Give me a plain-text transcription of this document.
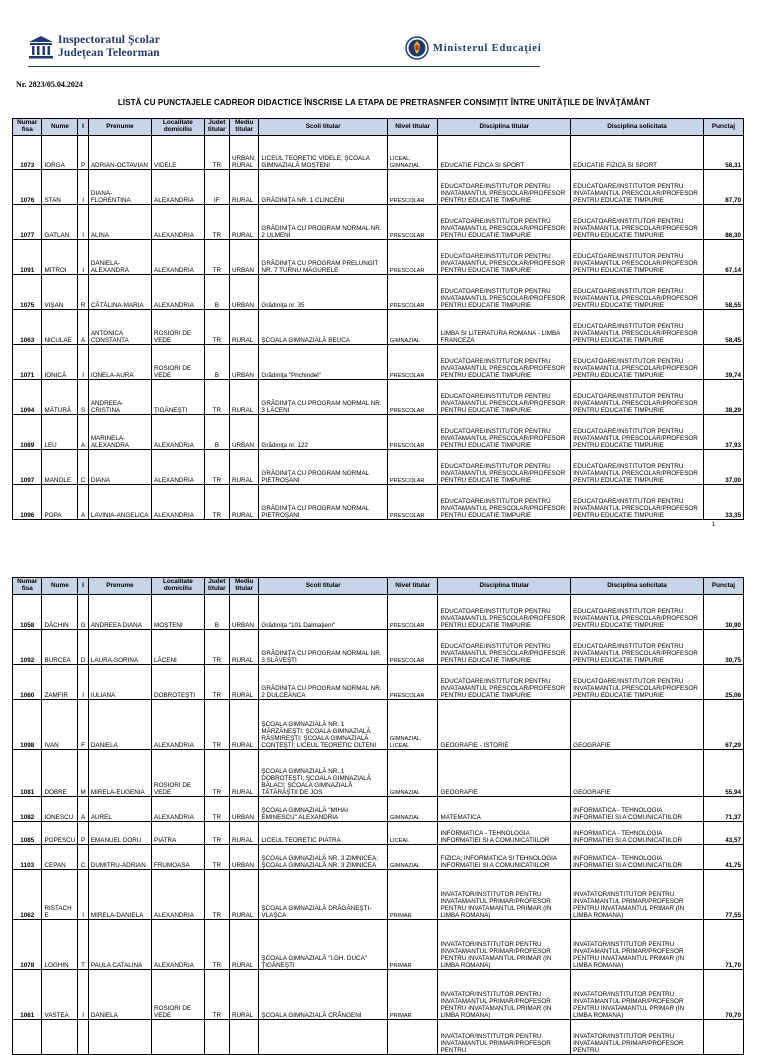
Inspectoratul Şcolar
Judeţean Teleorman	Ministerul Educaţiei
Nr. 2823/05.04.2024
LISTĂ CU PUNCTAJELE CADREOR DIDACTICE ÎNSCRISE LA ETAPA DE PRETRASNFER CONSIMŢIT ÎNTRE UNITĂŢILE DE ÎNVĂŢĂMÂNT
Numar fisa	Nume	I	Prenume	Localitate domiciliu	Judet titular	Mediu titular	Scoli titular	Nivel titular	Disciplina titular	Disciplina solicitata	Punctaj
1073	IORGA	P	ADRIAN-OCTAVIAN	VIDELE	TR	URBAN; RURAL	LICEUL TEORETIC VIDELE; ŞCOALA GIMNAZIALĂ MOŞTENI	LICEAL; GIMNAZIAL	EDUCATIE FIZICA SI SPORT	EDUCATIE FIZICA SI SPORT	58,31
1076	STAN	I	DIANA-FLORENTINA	ALEXANDRIA	IF	RURAL	GRĂDINIŢA NR. 1 CLINCENI	PRESCOLAR	EDUCATOARE/INSTITUTOR PENTRU INVATAMANTUL PRESCOLAR/PROFESOR PENTRU EDUCATIE TIMPURIE	EDUCATOARE/INSTITUTOR PENTRU INVATAMANTUL PRESCOLAR/PROFESOR PENTRU EDUCATIE TIMPURIE	87,70
1077	GATLAN	I	ALINA	ALEXANDRIA	TR	RURAL	GRĂDINIŢA CU PROGRAM NORMAL NR. 2 ULMENI	PRESCOLAR	EDUCATOARE/INSTITUTOR PENTRU INVATAMANTUL PRESCOLAR/PROFESOR PENTRU EDUCATIE TIMPURIE	EDUCATOARE/INSTITUTOR PENTRU INVATAMANTUL PRESCOLAR/PROFESOR PENTRU EDUCATIE TIMPURIE	86,30
1091	MITROI	I	DANIELA-ALEXANDRA	ALEXANDRIA	TR	URBAN	GRĂDINIŢA CU PROGRAM PRELUNGIT NR. 7 TURNU MĂGURELE	PRESCOLAR	EDUCATOARE/INSTITUTOR PENTRU INVATAMANTUL PRESCOLAR/PROFESOR PENTRU EDUCATIE TIMPURIE	EDUCATOARE/INSTITUTOR PENTRU INVATAMANTUL PRESCOLAR/PROFESOR PENTRU EDUCATIE TIMPURIE	67,14
1075	VIŞAN	R	CĂTĂLINA-MARIA	ALEXANDRIA	B	URBAN	Grădiniţa nr. 35	PRESCOLAR	EDUCATOARE/INSTITUTOR PENTRU INVATAMANTUL PRESCOLAR/PROFESOR PENTRU EDUCATIE TIMPURIE	EDUCATOARE/INSTITUTOR PENTRU INVATAMANTUL PRESCOLAR/PROFESOR PENTRU EDUCATIE TIMPURIE	58,55
1063	NICULAE	A	ANTONICA CONSTANTA	ROSIORI DE VEDE	TR	RURAL	ŞCOALA GIMNAZIALĂ BEUCA	GIMNAZIAL	LIMBA SI LITERATURA ROMANA - LIMBA FRANCEZA	EDUCATOARE/INSTITUTOR PENTRU INVATAMANTUL PRESCOLAR/PROFESOR PENTRU EDUCATIE TIMPURIE	58,45
1071	IONICĂ	I	IONELA-AURA	ROSIORI DE VEDE	B	URBAN	Grădiniţa "Prichindel"	PRESCOLAR	EDUCATOARE/INSTITUTOR PENTRU INVATAMANTUL PRESCOLAR/PROFESOR PENTRU EDUCATIE TIMPURIE	EDUCATOARE/INSTITUTOR PENTRU INVATAMANTUL PRESCOLAR/PROFESOR PENTRU EDUCATIE TIMPURIE	39,74
1094	MĂTURĂ	S	ANDREEA-CRISTINA	ŢIGĂNEŞTI	TR	RURAL	GRĂDINIŢA CU PROGRAM NORMAL NR. 3 LĂCENI	PRESCOLAR	EDUCATOARE/INSTITUTOR PENTRU INVATAMANTUL PRESCOLAR/PROFESOR PENTRU EDUCATIE TIMPURIE	EDUCATOARE/INSTITUTOR PENTRU INVATAMANTUL PRESCOLAR/PROFESOR PENTRU EDUCATIE TIMPURIE	38,29
1089	LEU	A	MARINELA-ALEXANDRA	ALEXANDRIA	B	URBAN	Grădiniţa nr. 122	PRESCOLAR	EDUCATOARE/INSTITUTOR PENTRU INVATAMANTUL PRESCOLAR/PROFESOR PENTRU EDUCATIE TIMPURIE	EDUCATOARE/INSTITUTOR PENTRU INVATAMANTUL PRESCOLAR/PROFESOR PENTRU EDUCATIE TIMPURIE	37,93
1097	MANOLE	C	DIANA	ALEXANDRIA	TR	RURAL	GRĂDINIŢA CU PROGRAM NORMAL PIETROŞANI	PRESCOLAR	EDUCATOARE/INSTITUTOR PENTRU INVATAMANTUL PRESCOLAR/PROFESOR PENTRU EDUCATIE TIMPURIE	EDUCATOARE/INSTITUTOR PENTRU INVATAMANTUL PRESCOLAR/PROFESOR PENTRU EDUCATIE TIMPURIE	37,00
1096	POPA	A	LAVINIA-ANGELICA	ALEXANDRIA	TR	RURAL	GRĂDINIŢA CU PROGRAM NORMAL PIETROŞANI	PRESCOLAR	EDUCATOARE/INSTITUTOR PENTRU INVATAMANTUL PRESCOLAR/PROFESOR PENTRU EDUCATIE TIMPURIE	EDUCATOARE/INSTITUTOR PENTRU INVATAMANTUL PRESCOLAR/PROFESOR PENTRU EDUCATIE TIMPURIE	33,35
1
Numar fisa	Nume	I	Prenume	Localitate domiciliu	Judet titular	Mediu titular	Scoli titular	Nivel titular	Disciplina titular	Disciplina solicitata	Punctaj
1058	DĂCHIN	G	ANDREEA DIANA	MOŞTENI	B	URBAN	Grădiniţa "101 Dalmaţieni"	PRESCOLAR	EDUCATOARE/INSTITUTOR PENTRU INVATAMANTUL PRESCOLAR/PROFESOR PENTRU EDUCATIE TIMPURIE	EDUCATOARE/INSTITUTOR PENTRU INVATAMANTUL PRESCOLAR/PROFESOR PENTRU EDUCATIE TIMPURIE	30,90
1092	BURCEA	D	LAURA-SORINA	LĂCENI	TR	RURAL	GRĂDINIŢA CU PROGRAM NORMAL NR. 3 SLĂVEŞTI	PRESCOLAR	EDUCATOARE/INSTITUTOR PENTRU INVATAMANTUL PRESCOLAR/PROFESOR PENTRU EDUCATIE TIMPURIE	EDUCATOARE/INSTITUTOR PENTRU INVATAMANTUL PRESCOLAR/PROFESOR PENTRU EDUCATIE TIMPURIE	30,75
1060	ZAMFIR	I	IULIANA	DOBROTEŞTI	TR	RURAL	GRĂDINIŢA CU PROGRAM NORMAL NR. 2 DULCEANCA	PRESCOLAR	EDUCATOARE/INSTITUTOR PENTRU INVATAMANTUL PRESCOLAR/PROFESOR PENTRU EDUCATIE TIMPURIE	EDUCATOARE/INSTITUTOR PENTRU INVATAMANTUL PRESCOLAR/PROFESOR PENTRU EDUCATIE TIMPURIE	25,06
1098	IVAN	F	DANIELA	ALEXANDRIA	TR	RURAL	ŞCOALA GIMNAZIALĂ NR. 1 MĂRZĂNEŞTI; ŞCOALA GIMNAZIALĂ RĂSMIREŞTI; ŞCOALA GIMNAZIALĂ CONŢEŞTI; LICEUL TEORETIC OLTENI	GIMNAZIAL; LICEAL	GEOGRAFIE - ISTORIE	GEOGRAFIE	67,29
1081	DOBRE	M	MIRELA-EUGENIA	ROSIORI DE VEDE	TR	RURAL	ŞCOALA GIMNAZIALĂ NR. 1 DOBROTEŞTI; ŞCOALA GIMNAZIALĂ BĂLACI; ŞCOALA GIMNAZIALĂ TĂTĂRĂŞTII DE JOS	GIMNAZIAL	GEOGRAFIE	GEOGRAFIE	55,94
1082	IONESCU	A	AUREL	ALEXANDRIA	TR	URBAN	ŞCOALA GIMNAZIALĂ "MIHAI EMINESCU" ALEXANDRIA	GIMNAZIAL	MATEMATICA	INFORMATICA - TEHNOLOGIA INFORMATIEI SI A COMUNICATIILOR	71,37
1085	POPESCU	P	EMANUEL DORU	PIATRA	TR	RURAL	LICEUL TEORETIC PIATRA	LICEAL	INFORMATICA - TEHNOLOGIA INFORMATIEI SI A COMUNICATIILOR	INFORMATICA - TEHNOLOGIA INFORMATIEI SI A COMUNICATIILOR	43,57
1103	CEPAN	C	DUMITRU-ADRIAN	FRUMOASA	TR	URBAN	ŞCOALA GIMNAZIALĂ NR. 3 ZIMNICEA; ŞCOALA GIMNAZIALĂ NR. 3 ZIMNICEA	GIMNAZIAL	FIZICA; INFORMATICA SI TEHNOLOGIA INFORMATIEI SI A COMUNICATIILOR	INFORMATICA - TEHNOLOGIA INFORMATIEI SI A COMUNICATIILOR	41,75
1062	RISTACHE	I	MIRELA-DANIELA	ALEXANDRIA	TR	RURAL	ŞCOALA GIMNAZIALĂ DRĂGĂNEŞTI-VLAŞCA	PRIMAR	INVATATOR/INSTITUTOR PENTRU INVATAMANTUL PRIMAR/PROFESOR PENTRU INVATAMANTUL PRIMAR (IN LIMBA ROMANA)	INVATATOR/INSTITUTOR PENTRU INVATAMANTUL PRIMAR/PROFESOR PENTRU INVATAMANTUL PRIMAR (IN LIMBA ROMANA)	77,55
1078	LOGHIN	T	PAULA CATALINA	ALEXANDRIA	TR	RURAL	ŞCOALA GIMNAZIALĂ "I.GH. DUCA" ŢIGĂNEŞTI	PRIMAR	INVATATOR/INSTITUTOR PENTRU INVATAMANTUL PRIMAR/PROFESOR PENTRU INVATAMANTUL PRIMAR (IN LIMBA ROMANA)	INVATATOR/INSTITUTOR PENTRU INVATAMANTUL PRIMAR/PROFESOR PENTRU INVATAMANTUL PRIMAR (IN LIMBA ROMANA)	71,70
1061	VASTEA	I	DANIELA	ROSIORI DE VEDE	TR	RURAL	ŞCOALA GIMNAZIALĂ CRÂNGENI	PRIMAR	INVATATOR/INSTITUTOR PENTRU INVATAMANTUL PRIMAR/PROFESOR PENTRU INVATAMANTUL PRIMAR (IN LIMBA ROMANA)	INVATATOR/INSTITUTOR PENTRU INVATAMANTUL PRIMAR/PROFESOR PENTRU INVATAMANTUL PRIMAR (IN LIMBA ROMANA)	70,70
									INVATATOR/INSTITUTOR PENTRU INVATAMANTUL PRIMAR/PROFESOR PENTRU	INVATATOR/INSTITUTOR PENTRU INVATAMANTUL PRIMAR/PROFESOR PENTRU	
